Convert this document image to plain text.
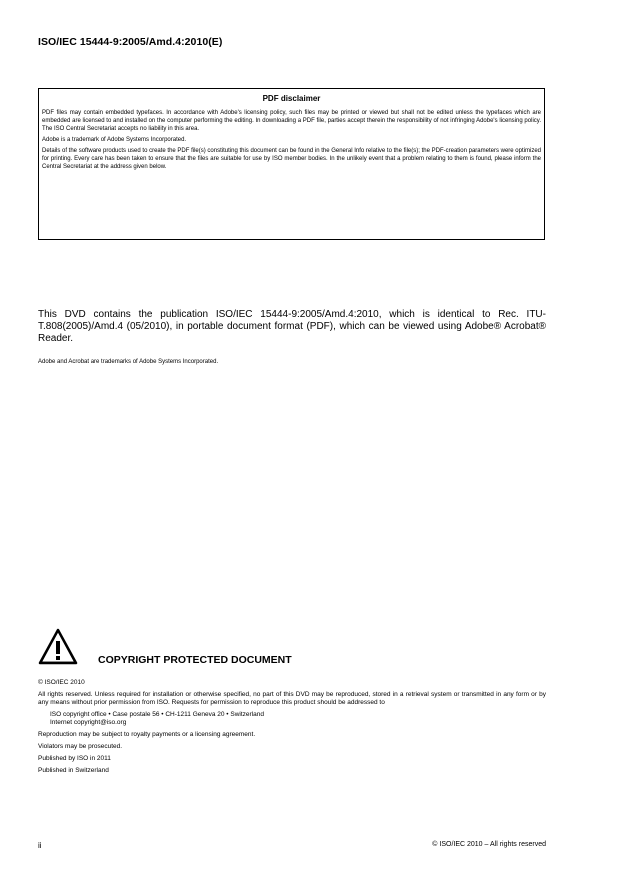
ISO/IEC 15444-9:2005/Amd.4:2010(E)
PDF disclaimer

PDF files may contain embedded typefaces. In accordance with Adobe's licensing policy, such files may be printed or viewed but shall not be edited unless the typefaces which are embedded are licensed to and installed on the computer performing the editing. In downloading a PDF file, parties accept therein the responsibility of not infringing Adobe's licensing policy. The ISO Central Secretariat accepts no liability in this area.

Adobe is a trademark of Adobe Systems Incorporated.

Details of the software products used to create the PDF file(s) constituting this document can be found in the General Info relative to the file(s); the PDF-creation parameters were optimized for printing. Every care has been taken to ensure that the files are suitable for use by ISO member bodies. In the unlikely event that a problem relating to them is found, please inform the Central Secretariat at the address given below.

This DVD contains the publication ISO/IEC 15444-9:2005/Amd.4:2010, which is identical to Rec. ITU-T.808(2005)/Amd.4 (05/2010), in portable document format (PDF), which can be viewed using Adobe® Acrobat® Reader.
Adobe and Acrobat are trademarks of Adobe Systems Incorporated.
COPYRIGHT PROTECTED DOCUMENT

© ISO/IEC 2010

All rights reserved. Unless required for installation or otherwise specified, no part of this DVD may be reproduced, stored in a retrieval system or transmitted in any form or by any means without prior permission from ISO. Requests for permission to reproduce this product should be addressed to

ISO copyright office • Case postale 56 • CH-1211 Geneva 20 • Switzerland
Internet copyright@iso.org

Reproduction may be subject to royalty payments or a licensing agreement.

Violators may be prosecuted.

Published by ISO in 2011

Published in Switzerland

ii	© ISO/IEC 2010 – All rights reserved
